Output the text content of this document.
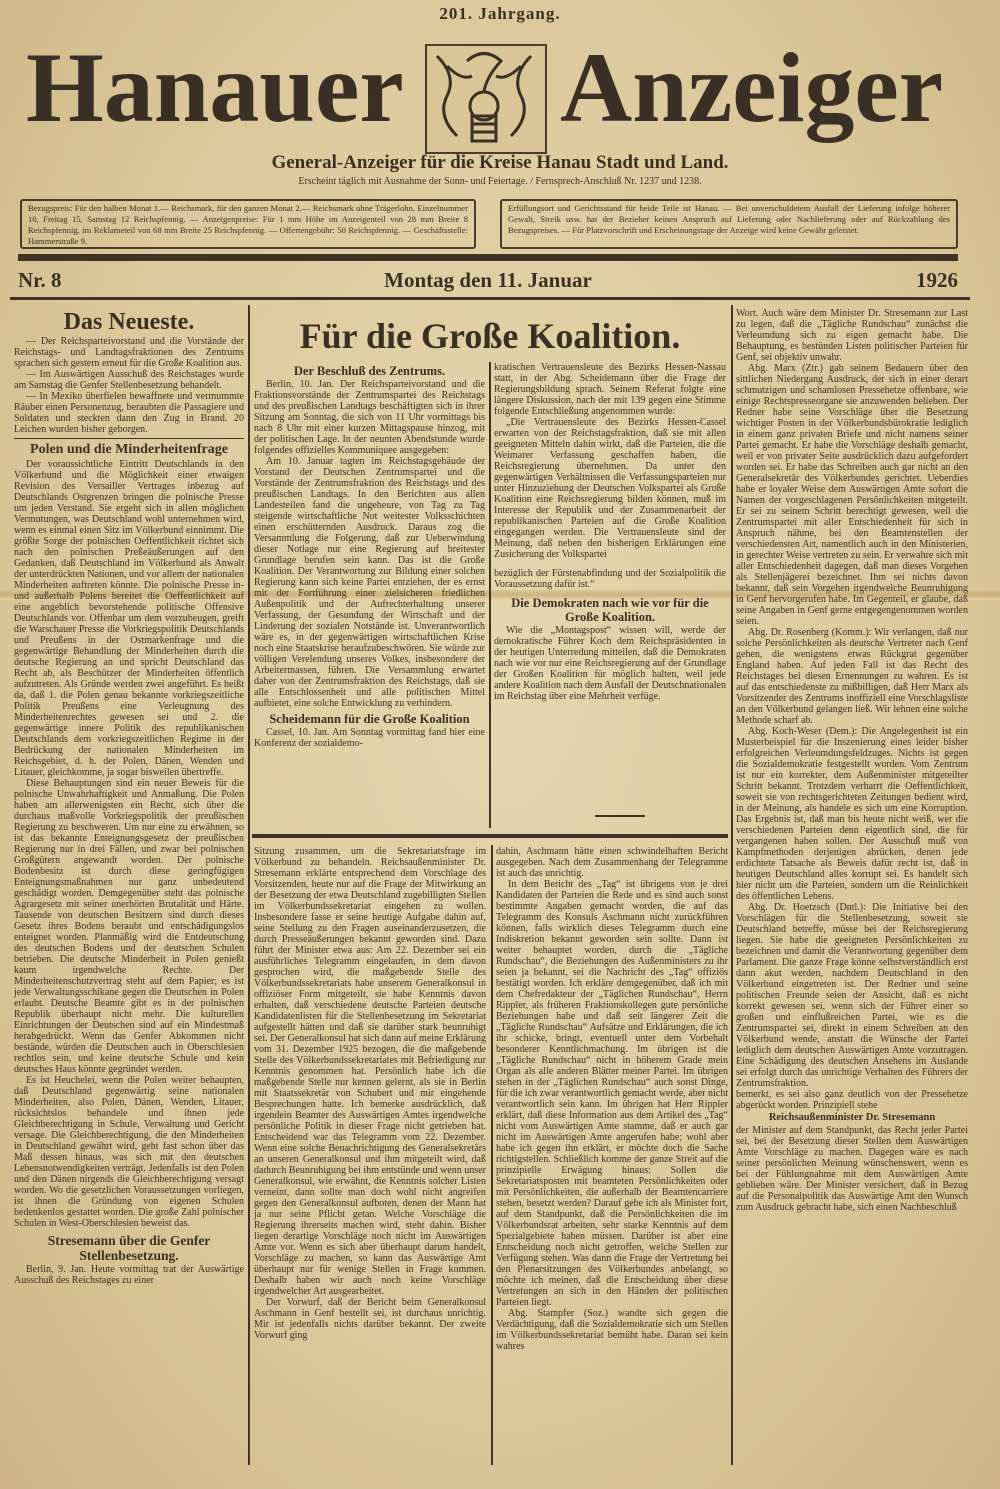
201. Jahrgang.
Hanauer Anzeiger
General-Anzeiger für die Kreise Hanau Stadt und Land.
Erscheint täglich mit Ausnahme der Sonn- und Feiertage. / Fernsprech-Anschluß Nr. 1237 und 1238.
Bezugspreis: Für den halben Monat 1.— Reichsmark, für den ganzen Monat 2.— Reichsmark ohne Trägerlohn. Einzelnummer 10, Freitag 15, Samstag 12 Reichspfennig. — Anzeigenpreise: Für 1 mm Höhe im Anzeigenteil von 28 mm Breite 8 Reichspfennig, im Reklameteil von 68 mm Breite 25 Reichspfennig. — Offertengebühr: 50 Reichspfennig. — Geschäftsstelle: Hammerstraße 9.
Erfüllungsort und Gerichtsstand für beide Teile ist Hanau. — Bei unverschuldetem Ausfall der Lieferung infolge höherer Gewalt, Streik usw. hat der Bezieher keinen Anspruch auf Lieferung oder Nachlieferung oder auf Rückzahlung des Bezugspreises. — Für Platzvorschrift und Erscheinungstage der Anzeige wird keine Gewähr geleistet.
Nr. 8	Montag den 11. Januar	1926
Das Neueste.

— Der Reichsparteivorstand und die Vorstände der Reichstags- und Landtagsfraktionen des Zentrums sprachen sich gestern erneut für die Große Koalition aus.

— Im Auswärtigen Ausschuß des Reichstages wurde am Samstag die Genfer Stellenbesetzung behandelt.

— In Mexiko überfielen bewaffnete und vermummte Räuber einen Personenzug, beraubten die Passagiere und Soldaten und steckten dann den Zug in Brand. 20 Leichen wurden bisher geborgen.

Polen und die Minderheitenfrage

Der voraussichtliche Eintritt Deutschlands in den Völkerbund und die Möglichkeit einer etwaigen Revision des Versailler Vertrages inbezug auf Deutschlands Ostgrenzen bringen die polnische Presse um jeden Verstand. Sie ergeht sich in allen möglichen Vermutungen, was Deutschland wohl unternehmen wird, wenn es einmal einen Sitz im Völkerbund einnimmt. Die größte Sorge der polnischen Oeffentlichkeit richtet sich nach den polnischen Preßeäußerungen auf den Gedanken, daß Deutschland im Völkerbund als Anwalt der unterdrückten Nationen, und vor allem der nationalen Minderheiten auftreten könnte. Die polnische Presse in- und außerhalb Polens bereitet die Oeffentlichkeit auf eine angeblich bevorstehende politische Offensive Deutschlands vor. Offenbar um dem vorzubeugen, greift die Warschauer Presse die Vorkriegspolitik Deutschlands und Preußens in der Ostmarkenfrage und die gegenwärtige Behandlung der Minderheiten durch die deutsche Regierung an und spricht Deutschland das Recht ab, als Beschützer der Minderheiten öffentlich aufzutreten. Als Gründe werden zwei angeführt. Es heißt da, daß 1. die Polen genau bekannte vorkriegszeitliche Politik Preußens eine Verleugnung des Minderheitenrechtes gewesen sei und 2. die gegenwärtige innere Politik des republikanischen Deutschlands dem vorkriegszeitlichen Regime in der Bedrückung der nationalen Minderheiten im Reichsgebiet, d. h. der Polen, Dänen, Wenden und Litauer, gleichkomme, ja sogar bisweilen übertreffe.

Diese Behauptungen sind ein neuer Beweis für die polnische Unwahrhaftigkeit und Anmaßung. Die Polen haben am allerwenigsten ein Recht, sich über die durchaus maßvolle Vorkriegspolitik der preußischen Regierung zu beschweren. Um nur eine zu erwähnen, so ist das bekannte Enteignungsgesetz der preußischen Regierung nur in drei Fällen, und zwar bei polnischen Großgütern angewandt worden. Der polnische Bodenbesitz ist durch diese geringfügigen Enteignungsmaßnahmen nur ganz unbedeutend geschädigt worden. Demgegenüber steht das polnische Agrargesetz mit seiner unerhörten Brutalität und Härte. Tausende von deutschen Besitzern sind durch dieses Gesetz ihres Bodens beraubt und entschädigungslos enteignet worden. Planmäßig wird die Entdeutschung des deutschen Bodens und der deutschen Schulen betrieben. Die deutsche Minderheit in Polen genießt kaum irgendwelche Rechte. Der Minderheitenschutzvertrag steht auf dem Papier; es ist jede Verwaltungsschikane gegen die Deutschen in Polen erlaubt. Deutsche Beamte gibt es in der polnischen Republik überhaupt nicht mehr. Die kulturellen Einrichtungen der Deutschen sind auf ein Mindestmaß herabgedrückt. Wenn das Genfer Abkommen nicht bestände, würden die Deutschen auch in Oberschlesien rechtlos sein, und keine deutsche Schule und kein deutsches Haus könnte gegründet werden.

Es ist Heuchelei, wenn die Polen weiter behaupten, daß Deutschland gegenwärtig seine nationalen Minderheiten, also Polen, Dänen, Wenden, Litauer, rücksichtslos behandele und ihnen jede Gleichberechtigung in Schule, Verwaltung und Gericht versage. Die Gleichberechtigung, die den Minderheiten in Deutschland gewährt wird, geht fast schon über das Maß dessen hinaus, was sich mit den deutschen Lebensnotwendigkeiten verträgt. Jedenfalls ist den Polen und den Dänen nirgends die Gleichberechtigung versagt worden. Wo die gesetzlichen Voraussetzungen vorliegen, ist ihnen die Gründung von eigenen Schulen bedenkenlos gestattet worden. Die große Zahl polnischer Schulen in West-Oberschlesien beweist das.

Stresemann über die Genfer Stellenbesetzung.

Berlin, 9. Jan. Heute vormittag trat der Auswärtige Ausschuß des Reichstages zu einer

Für die Große Koalition.
Der Beschluß des Zentrums.

Berlin, 10. Jan. Der Reichsparteivorstand und die Fraktionsvorstände der Zentrumspartei des Reichstags und des preußischen Landtags beschäftigten sich in ihrer Sitzung am Sonntag, die sich von 11 Uhr vormittags bis nach 8 Uhr mit einer kurzen Mittagspause hinzog, mit der politischen Lage. In der neunten Abendstunde wurde folgendes offizielles Kommuniquee ausgegeben:

Am 10. Januar tagten im Reichstagsgebäude der Vorstand der Deutschen Zentrumspartei und die Vorstände der Zentrumsfraktion des Reichstags und des preußischen Landtags. In den Berichten aus allen Landesteilen fand die ungeheure, von Tag zu Tag steigende wirtschaftliche Not weitester Volksschichten einen erschütternden Ausdruck. Daraus zog die Versammlung die Folgerung, daß zur Ueberwindung dieser Notlage nur eine Regierung auf breitester Grundlage berufen sein kann. Das ist die Große Koalition. Der Verantwortung zur Bildung einer solchen Regierung kann sich keine Partei entziehen, der es ernst mit der Fortführung einer zielsicheren friedlichen Außenpolitik und der Aufrechterhaltung unserer Verfassung, der Gesundung der Wirtschaft und der Linderung der sozialen Notstände ist. Unverantwortlich wäre es, in der gegenwärtigen wirtschaftlichen Krise noch eine Staatskrise heraufzubeschwören. Sie würde zur völligen Verelendung unseres Volkes, insbesondere der Arbeitermassen, führen. Die Versammlung erwartet daher von der Zentrumsfraktion des Reichstags, daß sie alle Entschlossenheit und alle politischen Mittel aufbietet, eine solche Entwicklung zu verhindern.

Scheidemann für die Große Koalition

Cassel, 10. Jan. Am Sonntag vormittag fand hier eine Konferenz der sozialdemo-

kratischen Vertrauensleute des Bezirks Hessen-Nassau statt, in der Abg. Scheidemann über die Frage der Regierungsbildung sprach. Seinem Referat folgte eine längere Diskussion, nach der mit 139 gegen eine Stimme folgende Entschließung angenommen wurde:

„Die Vertrauensleute des Bezirks Hessen-Cassel erwarten von der Reichstagsfraktion, daß sie mit allen geeigneten Mitteln dahin wirkt, daß die Parteien, die die Weimarer Verfassung geschaffen haben, die Reichsregierung übernehmen. Da unter den gegenwärtigen Verhältnissen die Verfassungsparteien nur unter Hinzuziehung der Deutschen Volkspartei als Große Koalition eine Reichsregierung bilden können, muß im Interesse der Republik und der Zusammenarbeit der republikanischen Parteien auf die Große Koalition eingegangen werden. Die Vertrauensleute sind der Meinung, daß neben den bisherigen Erklärungen eine Zusicherung der Volkspartei

bezüglich der Fürstenabfindung und der Sozialpolitik die Voraussetzung dafür ist.“

Die Demokraten nach wie vor für die Große Koalition.

Wie die „Montagspost“ wissen will, werde der demokratische Führer Koch dem Reichspräsidenten in der heutigen Unterredung mitteilen, daß die Demokraten nach wie vor nur eine Reichsregierung auf der Grundlage der Großen Koalition für möglich halten, weil jede andere Koalition nach dem Ausfall der Deutschnationalen im Reichstag über eine Mehrheit verfüge.

Sitzung zusammen, um die Sekretariatsfrage im Völkerbund zu behandeln. Reichsaußenminister Dr. Stresemann erklärte entsprechend dem Vorschlage des Vorsitzenden, heute nur auf die Frage der Mitwirkung an der Besetzung der etwa Deutschland zugebilligten Stellen im Völkerbundssekretariat eingehen zu wollen. Insbesondere fasse er seine heutige Aufgabe dahin auf, seine Stellung zu den Fragen auseinanderzusetzen, die durch Presseäußerungen bekannt geworden sind. Dazu führt der Minister etwa aus: Am 22. Dezember sei ein ausführliches Telegramm eingelaufen, in dem davon gesprochen wird, die maßgebende Stelle des Völkerbundssekretariats habe unserem Generalkonsul in offiziöser Form mitgeteilt, sie habe Kenntnis davon erhalten, daß verschiedene deutsche Parteien deutsche Kandidatenlisten für die Stellenbesetzung im Sekretariat aufgestellt hätten und daß sie darüber stark beunruhigt sei. Der Generalkonsul hat sich dann auf meine Erklärung vom 31. Dezember 1925 bezogen, die die maßgebende Stelle des Völkerbundssekretariates mit Befriedigung zur Kenntnis genommen hat. Persönlich habe ich die maßgebende Stelle nur kennen gelernt, als sie in Berlin mit Staatssekretär von Schubert und mir eingehende Besprechungen hatte. Ich bemerke ausdrücklich, daß irgendein Beamter des Auswärtigen Amtes irgendwelche persönliche Politik in dieser Frage nicht getrieben hat. Entscheidend war das Telegramm vom 22. Dezember. Wenn eine solche Benachrichtigung des Generalsekretärs an unseren Generalkonsul und ihm mitgeteilt wird, daß dadurch Beunruhigung bei ihm entstünde und wenn unser Generalkonsul, wie erwähnt, die Kenntnis solcher Listen verneint, dann sollte man doch wohl nicht angreifen gegen den Generalkonsul aufboten, denen der Mann hat ja nur seine Pflicht getan. Welche Vorschläge die Regierung ihrerseits machen wird, steht dahin. Bisher liegen derartige Vorschläge noch nicht im Auswärtigen Amte vor. Wenn es sich aber überhaupt darum handelt, Vorschläge zu machen, so kann das Auswärtige Amt überhaupt nur für wenige Stellen in Frage kommen. Deshalb haben wir auch noch keine Vorschläge irgendwelcher Art ausgearbeitet.

Der Vorwurf, daß der Bericht beim Generalkonsul Aschmann in Genf bestellt sei, ist durchaus unrichtig. Mir ist jedenfalls nichts darüber bekannt. Der zweite Vorwurf ging

dahin, Aschmann hätte einen schwindelhaften Bericht ausgegeben. Nach dem Zusammenhang der Telegramme ist auch das unrichtig.

In dem Bericht des „Tag“ ist übrigens von je drei Kandidaten der Parteien die Rede und es sind auch sonst bestimmte Angaben gemacht worden, die auf das Telegramm des Konsuls Aschmann nicht zurückführen können, falls wirklich dieses Telegramm durch eine Indiskretion bekannt geworden sein sollte. Dann ist weiter behauptet worden, durch die „Tägliche Rundschau“, die Beziehungen des Außenministers zu ihr seien ja bekannt, sei die Nachricht des „Tag“ offiziös bestätigt worden. Ich erkläre demgegenüber, daß ich mit dem Chefredakteur der „Täglichen Rundschau“, Herrn Rippler, als früheren Fraktionskollegen gute persönliche Beziehungen habe und daß seit längerer Zeit die „Tägliche Rundschau“ Aufsätze und Erklärungen, die ich ihr schicke, bringt, eventuell unter dem Vorbehalt besonderer Kenntlichmachung. Im übrigen ist die „Tägliche Rundschau“ nicht in höherem Grade mein Organ als alle anderen Blätter meiner Partei. Im übrigen stehen in der „Täglichen Rundschau“ auch sonst Dinge, für die ich zwar verantwortlich gemacht werde, aber nicht verantwortlich sein kann. Im übrigen hat Herr Rippler erklärt, daß diese Information aus dem Artikel des „Tag“ nicht vom Auswärtigen Amte stamme, daß er auch gar nicht im Auswärtigen Amte angerufen habe; wohl aber habe ich gegen ihn erklärt, er möchte doch die Sache richtigstellen. Schließlich komme der ganze Streit auf die prinzipielle Erwägung hinaus: Sollen die Sekretariatsposten mit beamteten Persönlichkeiten oder mit Persönlichkeiten, die außerhalb der Beamtencarriere stehen, besetzt werden? Darauf gebe ich als Minister fort, auf dem Standpunkt, daß die Persönlichkeiten die im Völkerbundsrat arbeiten, sehr starke Kenntnis auf dem Spezialgebiete haben müssen. Darüber ist aber eine Entscheidung noch nicht getroffen, welche Stellen zur Verfügung stehen. Was dann die Frage der Vertretung bei den Plenarsitzungen des Völkerbundes anbelangt, so möchte ich meinen, daß die Entscheidung über diese Vertretungen an sich in den Händen der politischen Parteien liegt.

Abg. Stampfer (Soz.) wandte sich gegen die Verdächtigung, daß die Sozialdemokratie sich um Stellen im Völkerbundssekretariat bemüht habe. Daran sei kein wahres

Wort. Auch wäre dem Minister Dr. Stresemann zur Last zu legen, daß die „Tägliche Rundschau“ zunächst die Verleumdung sich zu eigen gemacht habe. Die Behauptung, es bestünden Listen politischer Parteien für Genf, sei objektiv unwahr.

Abg. Marx (Ztr.) gab seinem Bedauern über den sittlichen Niedergang Ausdruck, der sich in einer derart schmutzigen und schamlosen Pressehetze offenbare, wie einige Rechtspresseorgane sie anzuwenden belieben. Der Redner habe seine Vorschläge über die Besetzung wichtiger Posten in der Völkerbundsbürokratie lediglich in einem ganz privaten Briefe und nicht namens seiner Partei gemacht. Er habe die Vorschläge deshalb gemacht, weil er von privater Seite ausdrücklich dazu aufgefordert worden sei. Er habe das Schreiben auch gar nicht an den Generalsekretär des Völkerbundes gerichtet. Ueberdies habe er loyaler Weise dem Auswärtigen Amte sofort die Namen der vorgeschlagenen Persönlichkeiten mitgeteilt. Er sei zu seinem Schritt berechtigt gewesen, weil die Zentrumspartei mit aller Entschiedenheit für sich in Anspruch nähme, bei den Beamtenstellen der verschiedensten Art, namentlich auch in den Ministerien, in gerechter Weise vertreten zu sein. Er verwahre sich mit aller Entschiedenheit dagegen, daß man dieses Vorgehen als Stellenjägerei bezeichnet. Ihm sei nichts davon bekannt, daß sein Vorgehen irgendwelche Beunruhigung in Genf hervorgerufen habe. Im Gegenteil, er glaube, daß seine Angaben in Genf gerne entgegengenommen worden seien.

Abg. Dr. Rosenberg (Komm.): Wir verlangen, daß nur solche Persönlichkeiten als deutsche Vertreter nach Genf gehen, die wenigstens etwas Rückgrat gegenüber England haben. Auf jeden Fall ist das Recht des Reichstages bei diesen Ernennungen zu wahren. Es ist auf das entschiedenste zu mißbilligen, daß Herr Marx als Vorsitzender des Zentrums inoffiziell eine Vorschlagsliste an den Völkerbund gelangen ließ. Wir lehnen eine solche Methode scharf ab.

Abg. Koch-Weser (Dem.): Die Angelegenheit ist ein Musterbeispiel für die Inszenierung eines leider bisher erfolgreichen Verleumdungsfeldzuges. Nichts ist gegen die Sozialdemokratie festgestellt worden. Vom Zentrum ist nur ein korrekter, dem Außenminister mitgeteilter Schritt bekannt. Trotzdem verharrt die Oeffentlichkeit, soweit sie von rechtsgerichteten Zeitungen bedient wird, in der Meinung, als handele es sich um eine Korruption. Das Ergebnis ist, daß man bis heute nicht weiß, wer die verschiedenen Parteien denn eigentlich sind, die für vergangenen haben sollen. Der Ausschuß muß von Kampfmethoden derjenigen abrücken, denen jede erdichtete Tatsache als Beweis dafür recht ist, daß in heutigen Deutschland alles korrupt sei. Es handelt sich hier nicht um die Parteien, sondern um die Reinlichkeit des öffentlichen Lebens.

Abg. Dr. Hoetzsch (Dntl.): Die Initiative bei den Vorschlägen für die Stellenbesetzung, soweit sie Deutschland betreffe, müsse bei der Reichsregierung liegen. Sie habe die geeigneten Persönlichkeiten zu bezeichnen und damit die Verantwortung gegenüber dem Parlament. Die ganze Frage könne selbstverständlich erst dann akut werden, nachdem Deutschland in den Völkerbund eingetreten ist. Der Redner und seine politischen Freunde seien der Ansicht, daß es nicht korrekt gewesen sei, wenn sich der Führer einer so großen und einflußreichen Partei, wie es die Zentrumspartei sei, direkt in einem Schreiben an den Völkerbund wende, anstatt die Wünsche der Partei lediglich dem deutschen Auswärtigen Amte vorzutragen. Eine Schädigung des deutschen Ansehens im Auslande sei erfolgt durch das unrichtige Verhalten des Führers der Zentrumsfraktion.

bemerkt, es sei also ganz deutlich von der Pressehetze abgerückt worden. Prinzipiell stehe

Reichsaußenminister Dr. Stresemann

der Minister auf dem Standpunkt, das Recht jeder Partei sei, bei der Besetzung dieser Stellen dem Auswärtigen Amte Vorschläge zu machen. Dagegen wäre es nach seiner persönlichen Meinung wünschenswert, wenn es bei der Fühlungnahme mit dem Auswärtigen Amte geblieben wäre. Der Minister versichert, daß in Bezug auf die Personalpolitik das Auswärtige Amt den Wunsch zum Ausdruck gebracht habe, sich einen Nachbeschluß
